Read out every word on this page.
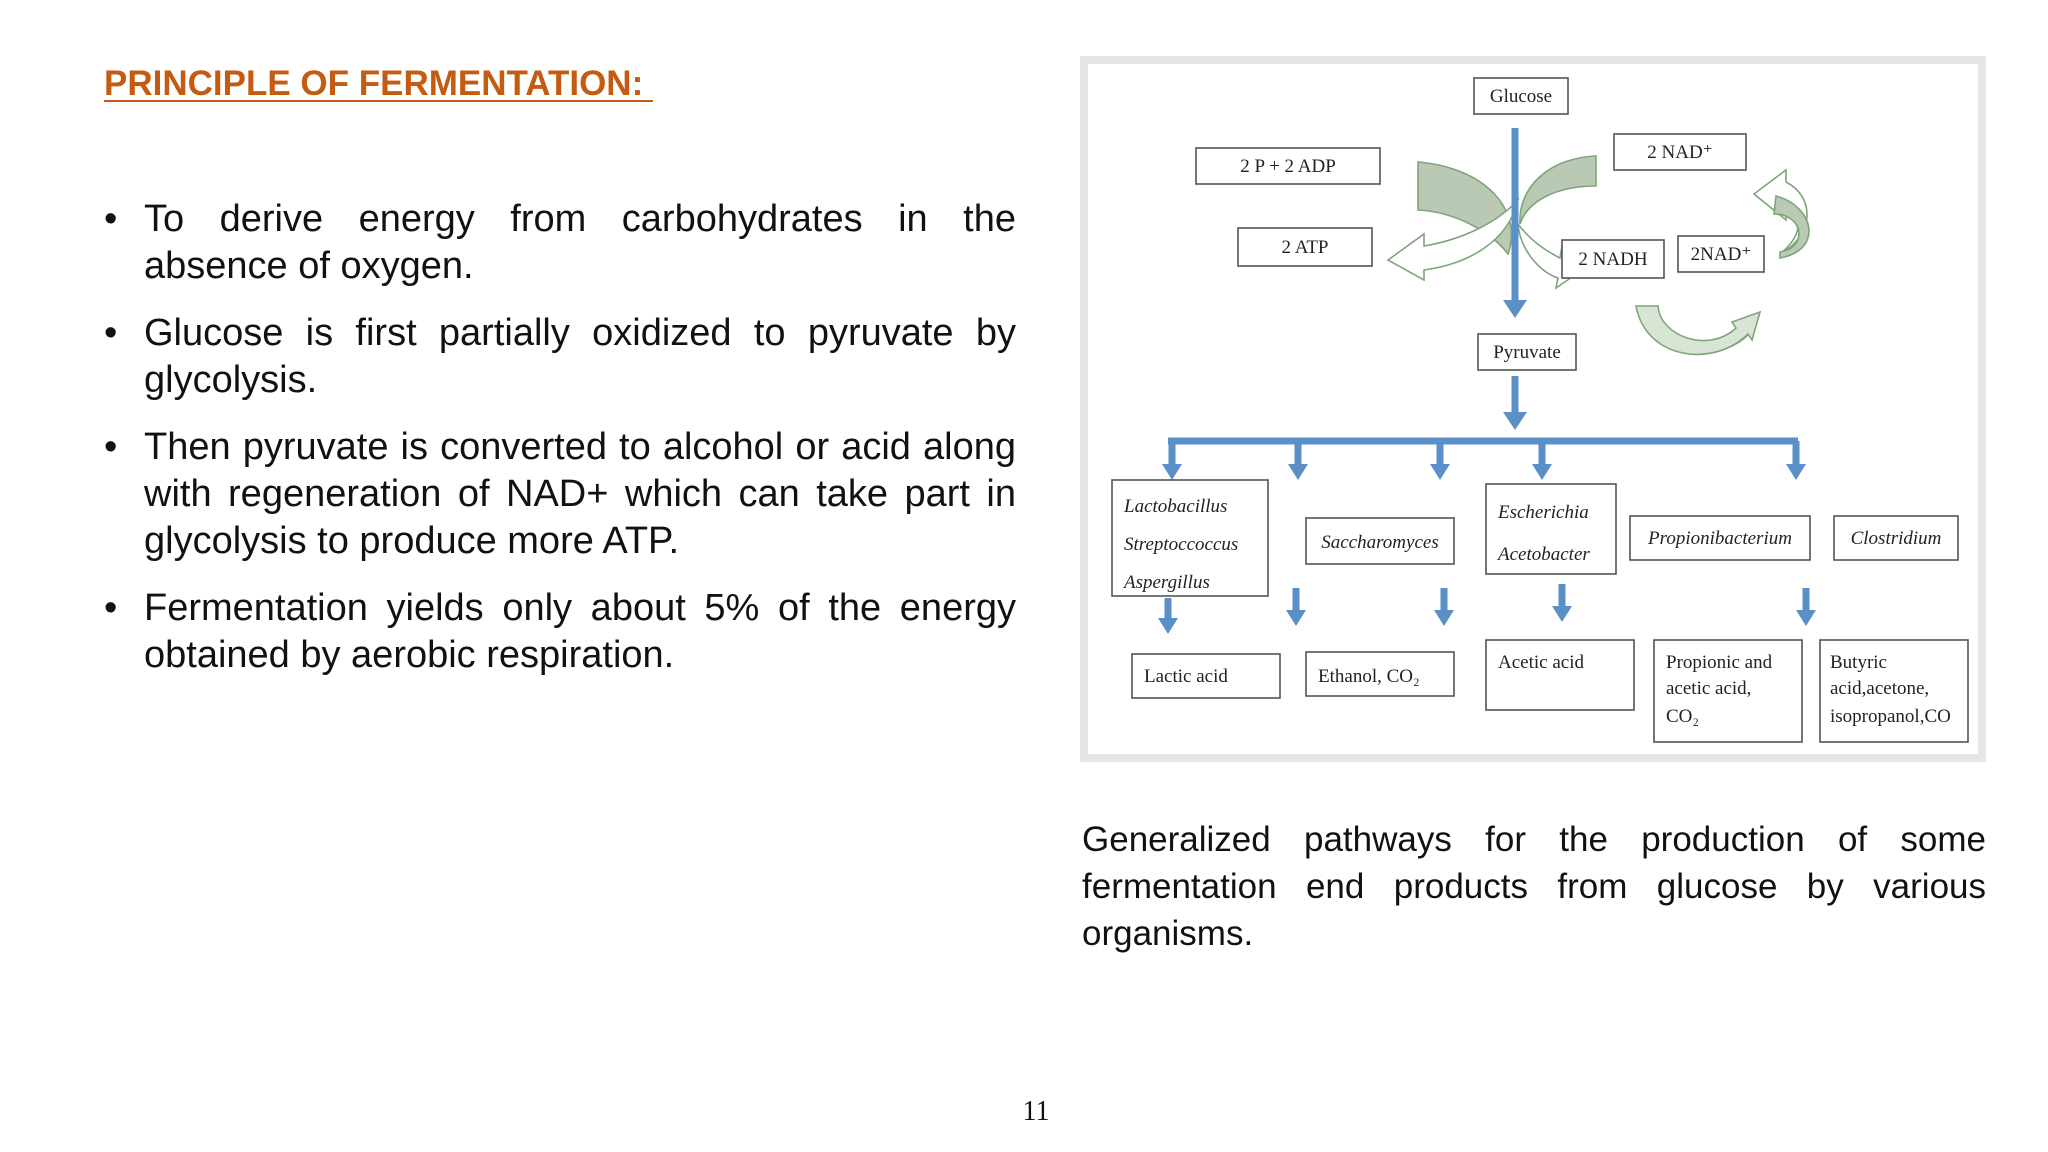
PRINCIPLE OF FERMENTATION:
• To derive energy from carbohydrates in the absence of oxygen.
• Glucose is first partially oxidized to pyruvate by glycolysis.
• Then pyruvate is converted to alcohol or acid along with regeneration of NAD+ which can take part in glycolysis to produce more ATP.
• Fermentation yields only about 5% of the energy obtained by aerobic respiration.
Glucose
2 P + 2 ADP
2 NAD⁺
2 ATP
2 NADH 2NAD⁺
Pyruvate
Lactobacillus
Streptoccoccus
Aspergillus
Saccharomyces
Escherichia
Acetobacter
Propionibacterium	Clostridium
Lactic acid	Ethanol, CO₂
Acetic acid	Propionic and
acetic acid,
CO₂
Butyric
acid,acetone,
isopropanol,CO
Generalized pathways for the production of some fermentation end products from glucose by various organisms.
11
